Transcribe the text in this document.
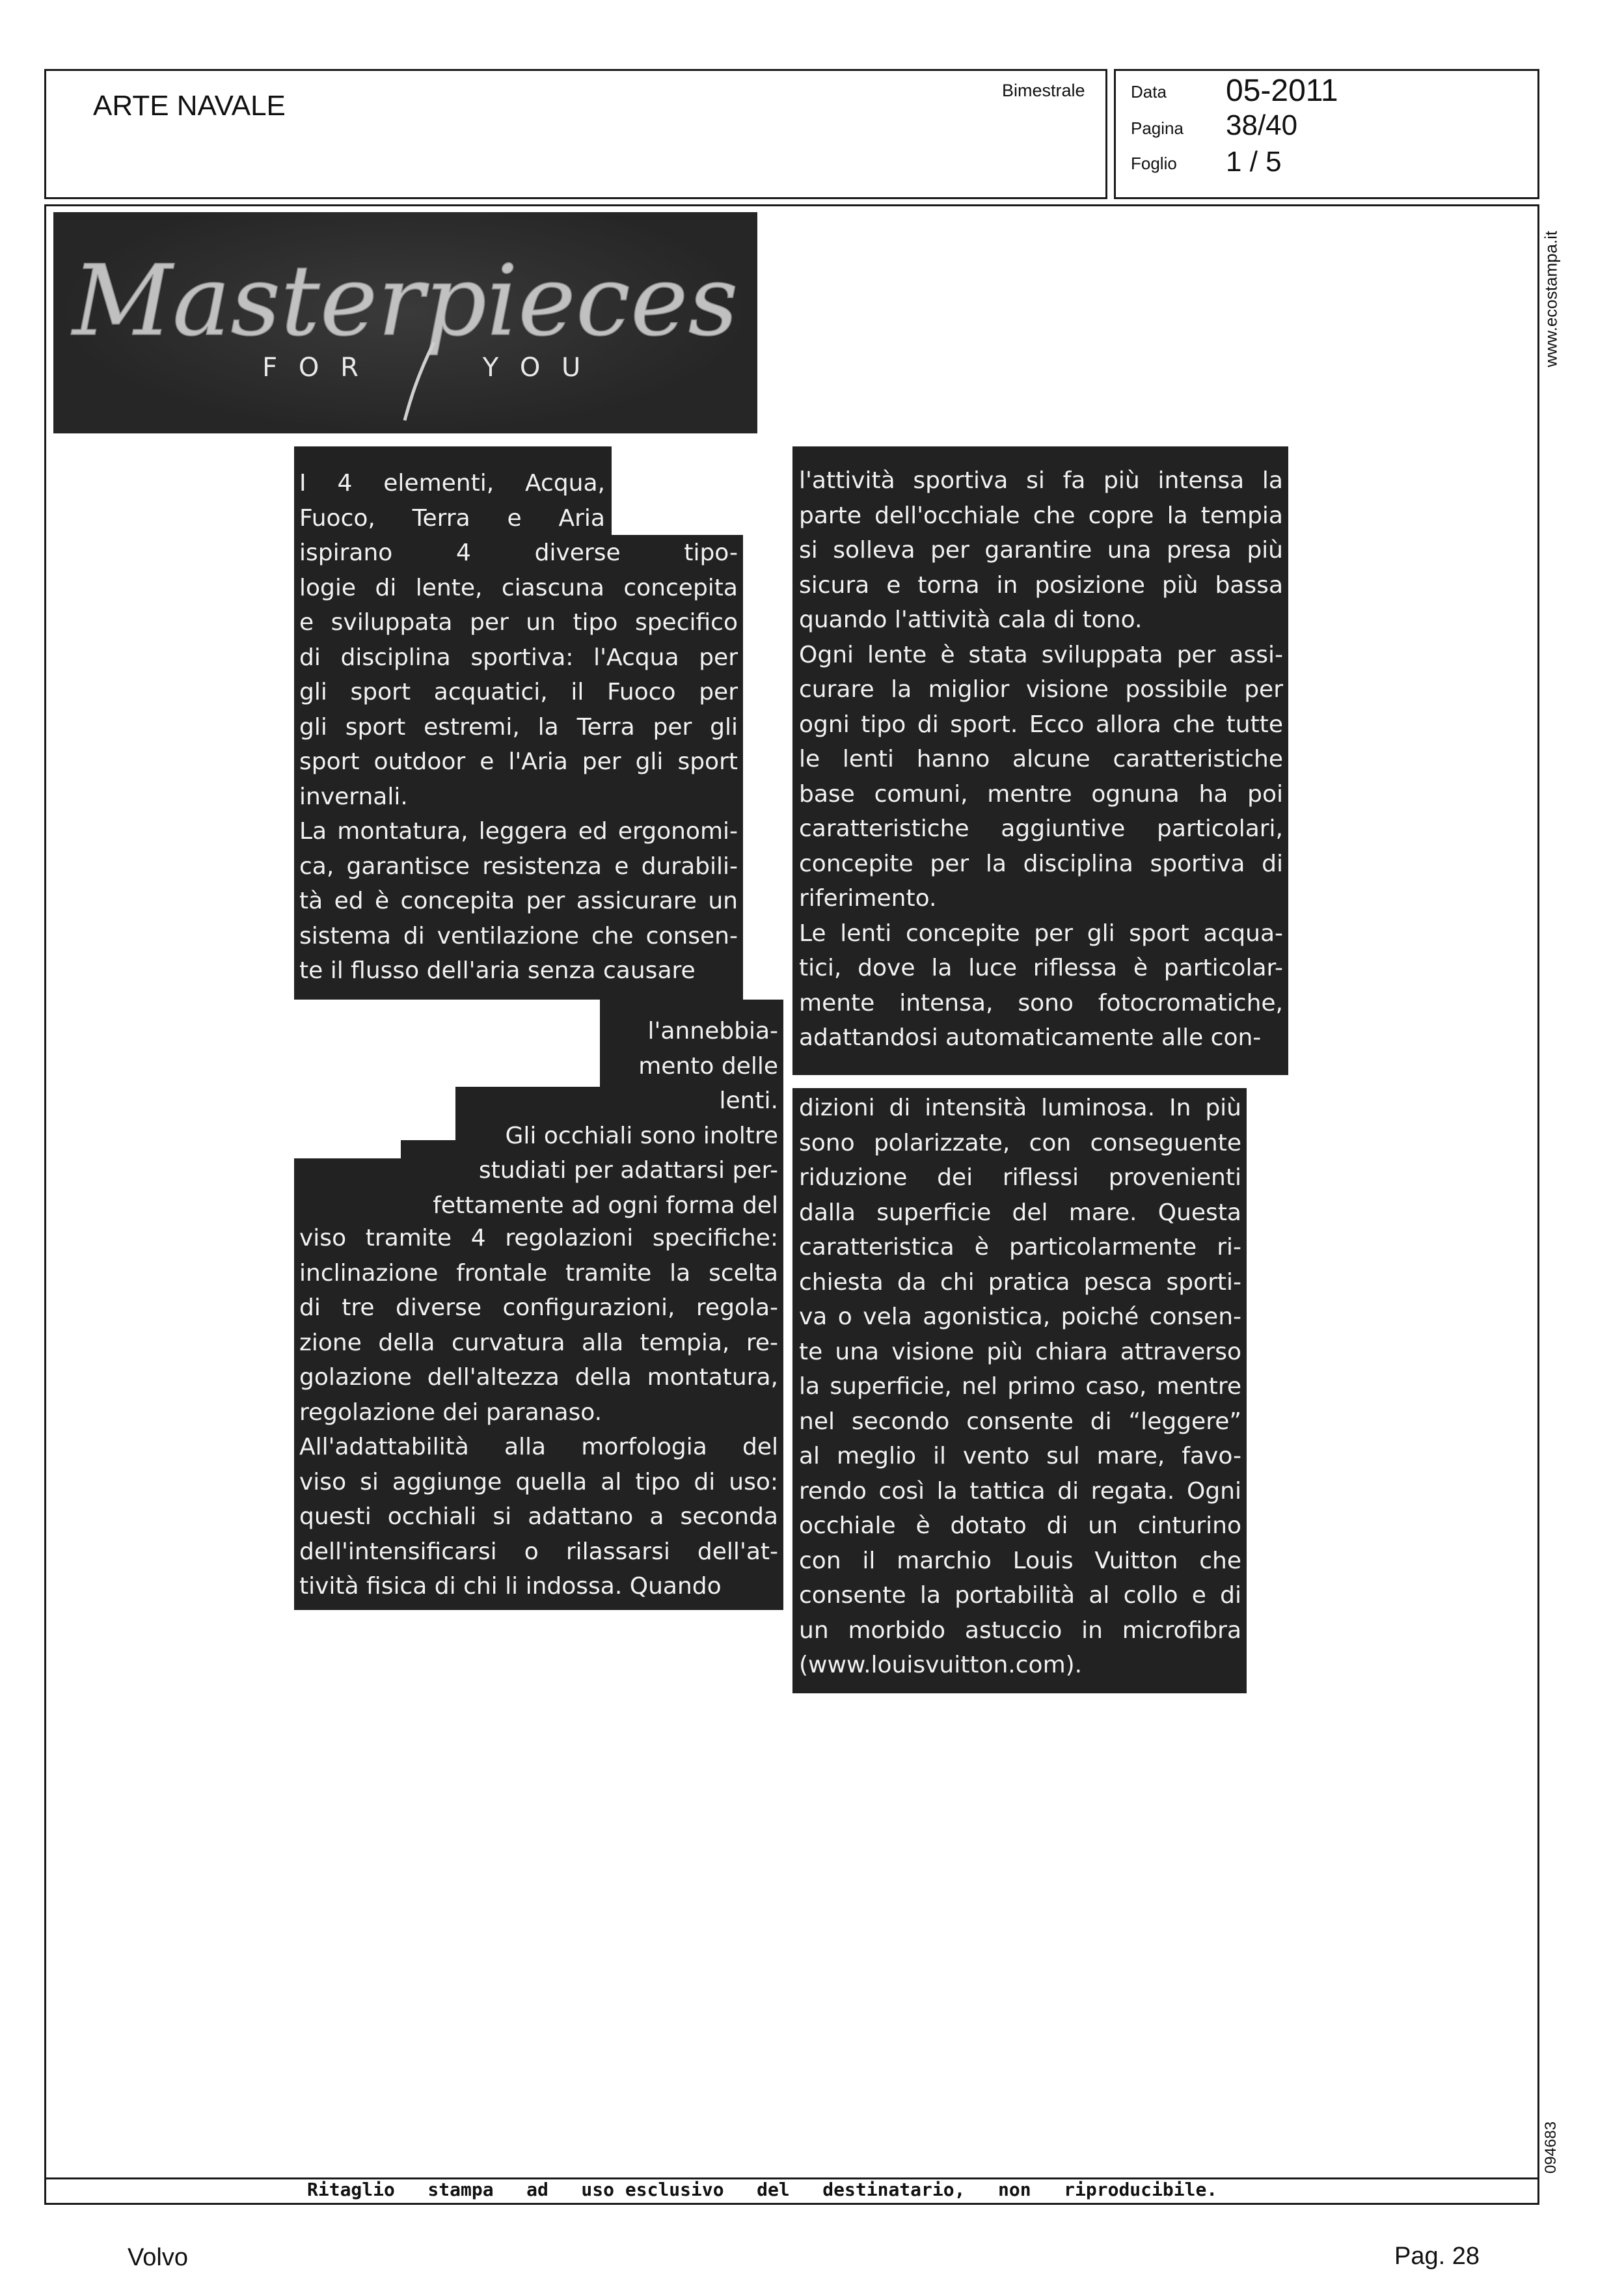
ARTE NAVALE	Bimestrale	Data 05-2011
Pagina 38/40
Foglio 1 / 5
www.ecostampa.it
094683
Masterpieces
F O R	Y O U
I 4 elementi, Acqua,
Fuoco, Terra e Aria
ispirano 4 diverse tipo-
logie di lente, ciascuna concepita
e sviluppata per un tipo specifico
di disciplina sportiva: l'Acqua per
gli sport acquatici, il Fuoco per
gli sport estremi, la Terra per gli
sport outdoor e l'Aria per gli sport
invernali.
La montatura, leggera ed ergonomi-
ca, garantisce resistenza e durabili-
tà ed è concepita per assicurare un
sistema di ventilazione che consen-
te il flusso dell'aria senza causare
l'annebbia-
mento delle
lenti.
Gli occhiali sono inoltre
studiati per adattarsi per-
fettamente ad ogni forma del
viso tramite 4 regolazioni specifiche:
inclinazione frontale tramite la scelta
di tre diverse configurazioni, regola-
zione della curvatura alla tempia, re-
golazione dell'altezza della montatura,
regolazione dei paranaso.
All'adattabilità alla morfologia del
viso si aggiunge quella al tipo di uso:
questi occhiali si adattano a seconda
dell'intensificarsi o rilassarsi dell'at-
tività fisica di chi li indossa. Quando
l'attività sportiva si fa più intensa la
parte dell'occhiale che copre la tempia
si solleva per garantire una presa più
sicura e torna in posizione più bassa
quando l'attività cala di tono.
Ogni lente è stata sviluppata per assi-
curare la miglior visione possibile per
ogni tipo di sport. Ecco allora che tutte
le lenti hanno alcune caratteristiche
base comuni, mentre ognuna ha poi
caratteristiche aggiuntive particolari,
concepite per la disciplina sportiva di
riferimento.
Le lenti concepite per gli sport acqua-
tici, dove la luce riflessa è particolar-
mente intensa, sono fotocromatiche,
adattandosi automaticamente alle con-
dizioni di intensità luminosa. In più
sono polarizzate, con conseguente
riduzione dei riflessi provenienti
dalla superficie del mare. Questa
caratteristica è particolarmente ri-
chiesta da chi pratica pesca sporti-
va o vela agonistica, poiché consen-
te una visione più chiara attraverso
la superficie, nel primo caso, mentre
nel secondo consente di “leggere”
al meglio il vento sul mare, favo-
rendo così la tattica di regata. Ogni
occhiale è dotato di un cinturino
con il marchio Louis Vuitton che
consente la portabilità al collo e di
un morbido astuccio in microfibra
(www.louisvuitton.com).
Ritaglio   stampa   ad   uso esclusivo   del   destinatario,   non   riproducibile.
Volvo	Pag. 28
